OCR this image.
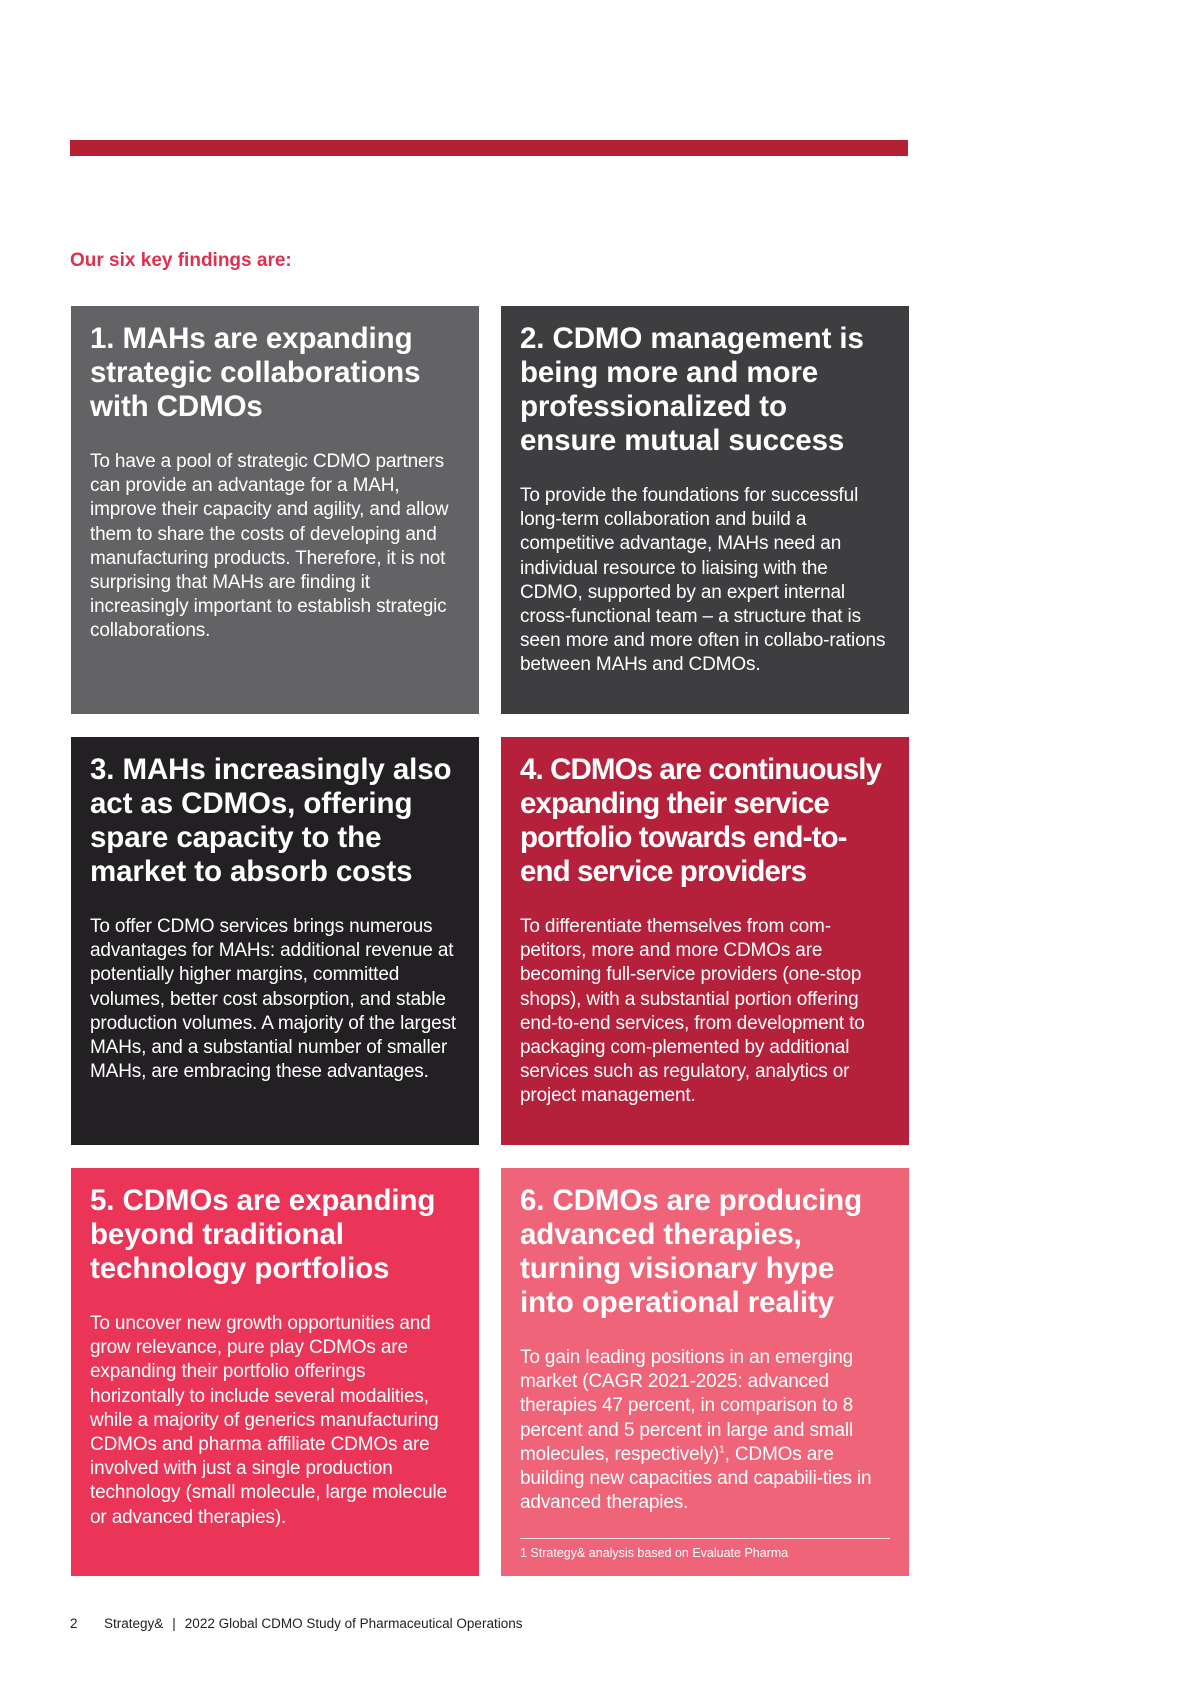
Our six key findings are:
1. MAHs are expanding strategic collaborations with CDMOs

To have a pool of strategic CDMO partners can provide an advantage for a MAH, improve their capacity and agility, and allow them to share the costs of developing and manufacturing products. Therefore, it is not surprising that MAHs are finding it increasingly important to establish strategic collaborations.

2. CDMO management is being more and more professionalized to ensure mutual success

To provide the foundations for successful long-term collaboration and build a competitive advantage, MAHs need an individual resource to liaising with the CDMO, supported by an expert internal cross-functional team – a structure that is seen more and more often in collabo-rations between MAHs and CDMOs.

3. MAHs increasingly also act as CDMOs, offering spare capacity to the market to absorb costs

To offer CDMO services brings numerous advantages for MAHs: additional revenue at potentially higher margins, committed volumes, better cost absorption, and stable production volumes. A majority of the largest MAHs, and a substantial number of smaller MAHs, are embracing these advantages.

4. CDMOs are continuously expanding their service portfolio towards end-to-end service providers

To differentiate themselves from com-petitors, more and more CDMOs are becoming full-service providers (one-stop shops), with a substantial portion offering end-to-end services, from development to packaging com-plemented by additional services such as regulatory, analytics or project management.

5. CDMOs are expanding beyond traditional technology portfolios

To uncover new growth opportunities and grow relevance, pure play CDMOs are expanding their portfolio offerings horizontally to include several modalities, while a majority of generics manufacturing CDMOs and pharma affiliate CDMOs are involved with just a single production technology (small molecule, large molecule or advanced therapies).

6. CDMOs are producing advanced therapies, turning visionary hype into operational reality

To gain leading positions in an emerging market (CAGR 2021-2025: advanced therapies 47 percent, in comparison to 8 percent and 5 percent in large and small molecules, respectively)$^1$, CDMOs are building new capacities and capabili-ties in advanced therapies.

1 Strategy& analysis based on Evaluate Pharma
2	Strategy& | 2022 Global CDMO Study of Pharmaceutical Operations
